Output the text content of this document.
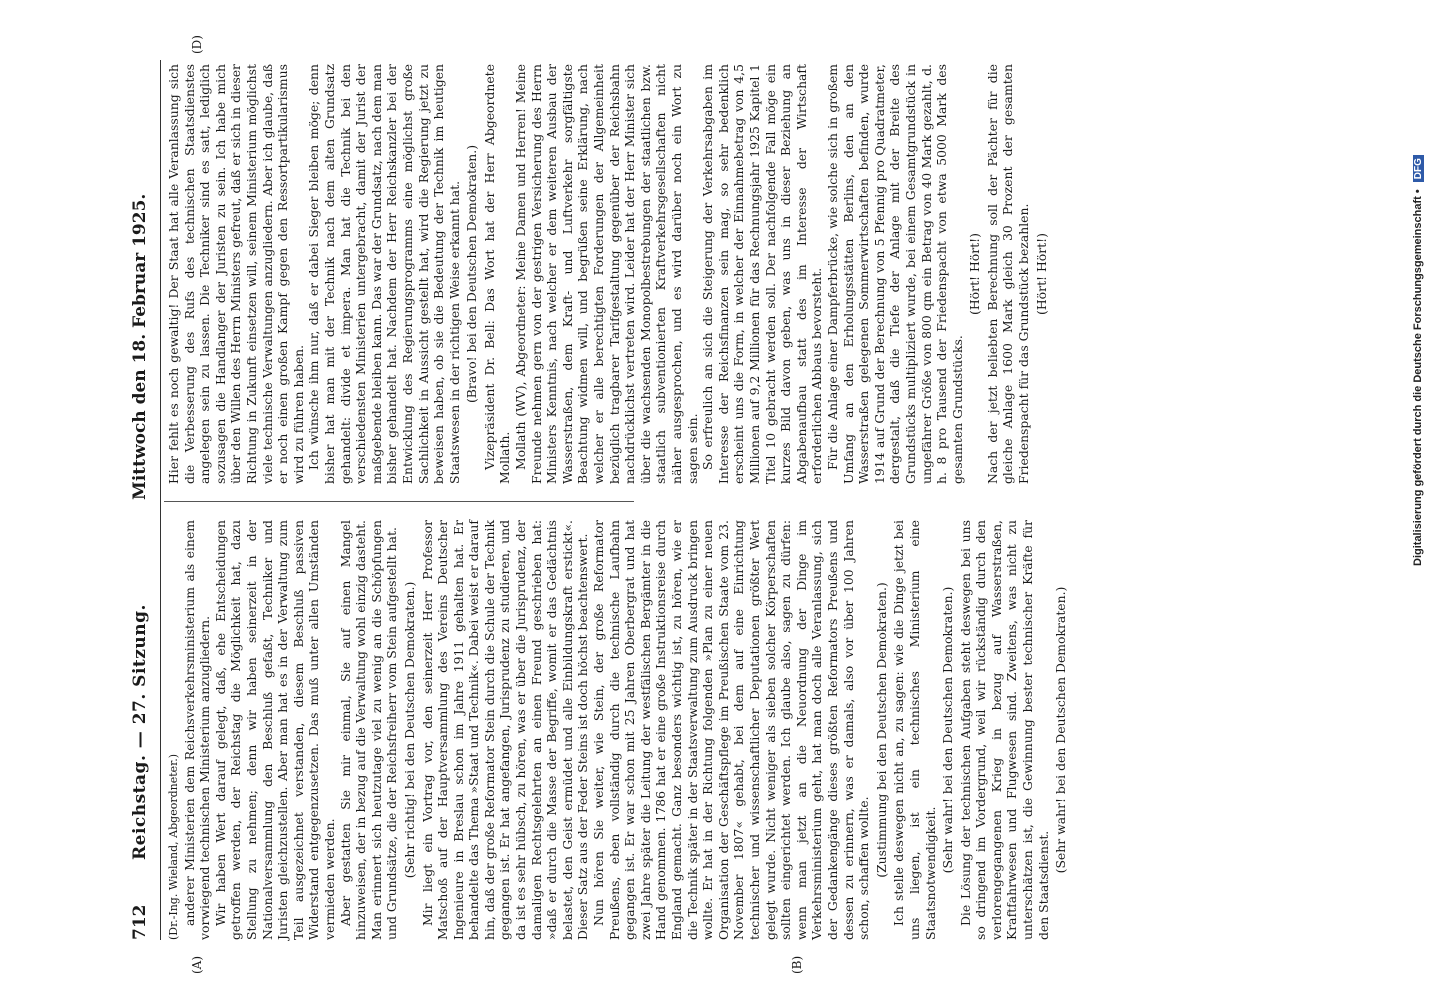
712
Reichstag. — 27. Sitzung.
Mittwoch den 18. Februar 1925.
(A)	(B)
(D)

(Dr.-Ing. Wieland, Abgeordneter.) anderer Ministerien dem Reichsverkehrsministerium als einem vorwiegend technischen Ministerium anzugliedern. Wir haben Wert darauf gelegt, daß, ehe Entscheidungen getroffen werden, der Reichstag die Möglichkeit hat, dazu Stellung zu nehmen; denn wir haben seinerzeit in der Nationalversammlung den Beschluß gefaßt, Techniker und Juristen gleichzustellen. Aber man hat es in der Verwaltung zum Teil ausgezeichnet verstanden, diesem Beschluß passiven Widerstand entgegenzusetzen. Das muß unter allen Umständen vermieden werden. Aber gestatten Sie mir einmal, Sie auf einen Mangel hinzuweisen, der in bezug auf die Verwaltung wohl einzig dasteht. Man erinnert sich heutzutage viel zu wenig an die Schöpfungen und Grundsätze, die der Reichsfreiherr vom Stein aufgestellt hat. (Sehr richtig! bei den Deutschen Demokraten.) Mir liegt ein Vortrag vor, den seinerzeit Herr Professor Matschoß auf der Hauptversammlung des Vereins Deutscher Ingenieure in Breslau schon im Jahre 1911 gehalten hat. Er behandelte das Thema »Staat und Technik«. Dabei weist er darauf hin, daß der große Reformator Stein durch die Schule der Technik gegangen ist. Er hat angefangen, Jurisprudenz zu studieren, und da ist es sehr hübsch, zu hören, was er über die Jurisprudenz, der damaligen Rechtsgelehrten an einen Freund geschrieben hat: »daß er durch die Masse der Begriffe, womit er das Gedächtnis belastet, den Geist ermüdet und alle Einbildungskraft erstickt«. Dieser Satz aus der Feder Steins ist doch höchst beachtenswert. Nun hören Sie weiter, wie Stein, der große Reformator Preußens, eben vollständig durch die technische Laufbahn gegangen ist. Er war schon mit 25 Jahren Oberbergrat und hat zwei Jahre später die Leitung der westfälischen Bergämter in die Hand genommen. 1786 hat er eine große Instruktionsreise durch England gemacht. Ganz besonders wichtig ist, zu hören, wie er die Technik später in der Staatsverwaltung zum Ausdruck bringen wollte. Er hat in der Richtung folgenden »Plan zu einer neuen Organisation der Geschäftspflege im Preußischen Staate vom 23. November 1807« gehabt, bei dem auf eine Einrichtung technischer und wissenschaftlicher Deputationen größter Wert gelegt wurde. Nicht weniger als sieben solcher Körperschaften sollten eingerichtet werden. Ich glaube also, sagen zu dürfen: wenn man jetzt an die Neuordnung der Dinge im Verkehrsministerium geht, hat man doch alle Veranlassung, sich der Gedankengänge dieses größten Reformators Preußens und dessen zu erinnern, was er damals, also vor über 100 Jahren schon, schaffen wollte. (Zustimmung bei den Deutschen Demokraten.) Ich stelle deswegen nicht an, zu sagen: wie die Dinge jetzt bei uns liegen, ist ein technisches Ministerium eine Staatsnotwendigkeit. (Sehr wahr! bei den Deutschen Demokraten.) Die Lösung der technischen Aufgaben steht deswegen bei uns so dringend im Vordergrund, weil wir rückständig durch den verlorengegangenen Krieg in bezug auf Wasserstraßen, Kraftfahrwesen und Flugwesen sind. Zweitens, was nicht zu unterschätzen ist, die Gewinnung bester technischer Kräfte für den Staatsdienst.

(Sehr wahr! bei den Deutschen Demokraten.)

Hier fehlt es noch gewaltig! Der Staat hat alle Veranlassung sich die Verbesserung des Rufs des technischen Staatsdienstes angelegen sein zu lassen. Die Techniker sind es satt, lediglich sozusagen die Handlanger der Juristen zu sein. Ich habe mich über den Willen des Herrn Ministers gefreut, daß er sich in dieser Richtung in Zukunft einsetzen will, seinem Ministerium möglichst viele technische Verwaltungen anzugliedern. Aber ich glaube, daß er noch einen großen Kampf gegen den Ressortpartikularismus wird zu führen haben. Ich wünsche ihm nur, daß er dabei Sieger bleiben möge; denn bisher hat man mit der Technik nach dem alten Grundsatz gehandelt: divide et impera. Man hat die Technik bei den verschiedensten Ministerien untergebracht, damit der Jurist der maßgebende bleiben kann. Das war der Grundsatz, nach dem man bisher gehandelt hat. Nachdem der Herr Reichskanzler bei der Entwicklung des Regierungsprogramms eine möglichst große Sachlichkeit in Aussicht gestellt hat, wird die Regierung jetzt zu beweisen haben, ob sie die Bedeutung der Technik im heutigen Staatswesen in der richtigen Weise erkannt hat. (Bravo! bei den Deutschen Demokraten.) Vizepräsident Dr. Bell: Das Wort hat der Herr Abgeordnete Mollath. Mollath (WV), Abgeordneter: Meine Damen und Herren! Meine Freunde nehmen gern von der gestrigen Versicherung des Herrn Ministers Kenntnis, nach welcher er dem weiteren Ausbau der Wasserstraßen, dem Kraft- und Luftverkehr sorgfältigste Beachtung widmen will, und begrüßen seine Erklärung, nach welcher er alle berechtigten Forderungen der Allgemeinheit bezüglich tragbarer Tarifgestaltung gegenüber der Reichsbahn nachdrücklichst vertreten wird. Leider hat der Herr Minister sich über die wachsenden Monopolbestrebungen der staatlichen bzw. staatlich subventionierten Kraftverkehrsgesellschaften nicht näher ausgesprochen, und es wird darüber noch ein Wort zu sagen sein. So erfreulich an sich die Steigerung der Verkehrsabgaben im Interesse der Reichsfinanzen sein mag, so sehr bedenklich erscheint uns die Form, in welcher der Einnahmebetrag von 4,5 Millionen auf 9,2 Millionen für das Rechnungsjahr 1925 Kapitel 1 Titel 10 gebracht werden soll. Der nachfolgende Fall möge ein kurzes Bild davon geben, was uns in dieser Beziehung an Abgabenaufbau statt des im Interesse der Wirtschaft erforderlichen Abbaus bevorsteht. Für die Anlage einer Dampferbrücke, wie solche sich in großem Umfang an den Erholungsstätten Berlins, den an den Wasserstraßen gelegenen Sommerwirtschaften befinden, wurde 1914 auf Grund der Berechnung von 5 Pfennig pro Quadratmeter, dergestalt, daß die Tiefe der Anlage mit der Breite des Grundstücks multipliziert wurde, bei einem Gesamtgrundstück in ungefährer Größe von 800 qm ein Betrag von 40 Mark gezahlt, d. h. 8 pro Tausend der Friedenspacht von etwa 5000 Mark des gesamten Grundstücks.

(Hört! Hört!) Nach der jetzt beliebten Berechnung soll der Pächter für die gleiche Anlage 1600 Mark gleich 30 Prozent der gesamten Friedenspacht für das Grundstück bezahlen. (Hört! Hört!)	Digitalisierung gefördert durch die Deutsche Forschungsgemeinschaft • DFG
